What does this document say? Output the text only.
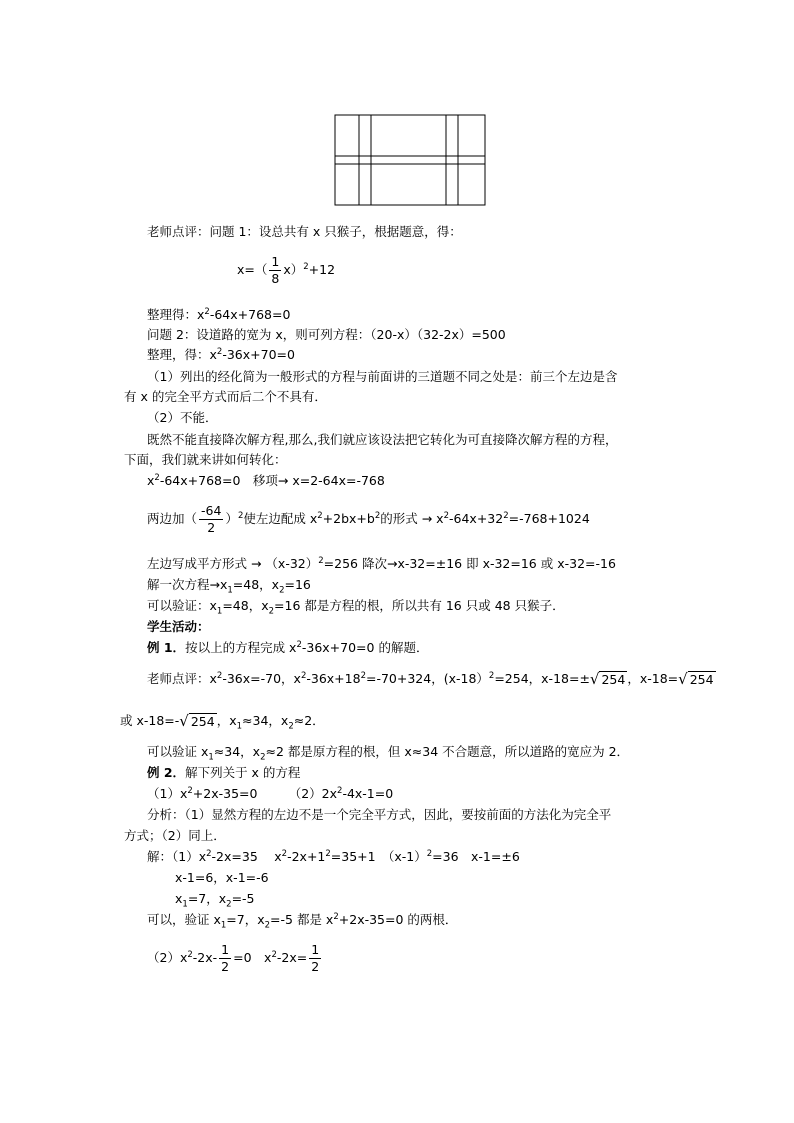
老师点评：问题 1：设总共有 x 只猴子，根据题意，得：
$x=( \frac{1}{8} x)^2+12$
整理得：$x^2-64x+768=0$
问题 2：设道路的宽为 x，则可列方程：（20-x）（32-2x）=500
整理，得：$x^2-36x+70=0$
（1）列出的经化简为一般形式的方程与前面讲的三道题不同之处是：前三个左边是含
有 x 的完全平方式而后二个不具有．
（2）不能．
既然不能直接降次解方程,那么,我们就应该设法把它转化为可直接降次解方程的方程，
下面，我们就来讲如何转化：
$x^2-64x+768=0$　移项→ x=2-64x=-768
两边加（ $\frac{-64}{2} )^2$使左边配成 $x^2+2bx+b^2$的形式 → $x^2-64x+32^2=-768+1024$
左边写成平方形式 → $(x-32)^2=256$ 降次→x-32=±16 即 x-32=16 或 x-32=-16
解一次方程$\to x_1=48$，$x_2=16$
可以验证：$x_1=48$，$x_2=16$ 都是方程的根，所以共有 16 只或 48 只猴子．
学生活动：
例 1．按以上的方程完成 $x^2-36x+70=0$ 的解题．
老师点评：$x^2-36x=-70$，$x^2-36x+18^2=-70+324$，(x-18）$^2$=254，x-18=±√ 254 ，x-18=√ 254
或 x-18=-√ 254 ，$x_1\approx 34$，$x_2\approx 2$．
可以验证 $x_1\approx 34$，$x_2\approx 2$ 都是原方程的根，但 x≈34 不合题意，所以道路的宽应为 2．
例 2．解下列关于 x 的方程
$(1)x^2+2x-35=0$　　　$(2)2x^2-4x-1=0$
分析：（1）显然方程的左边不是一个完全平方式，因此，要按前面的方法化为完全平
方式；（2）同上．
解：$(1)x^2-2x=35$　 $x^2-2x+1^2=35+1$　$(x-1)^2=36$　x-1=±6
x-1=6，x-1=-6
$x_1=7$，$x_2=-5$
可以，验证 $x_1=7$，$x_2=-5$ 都是 $x^2+2x-35=0$ 的两根．
$(2)x^2-2x- \frac{1}{2} =0$　$x^2-2x= \frac{1}{2}$
